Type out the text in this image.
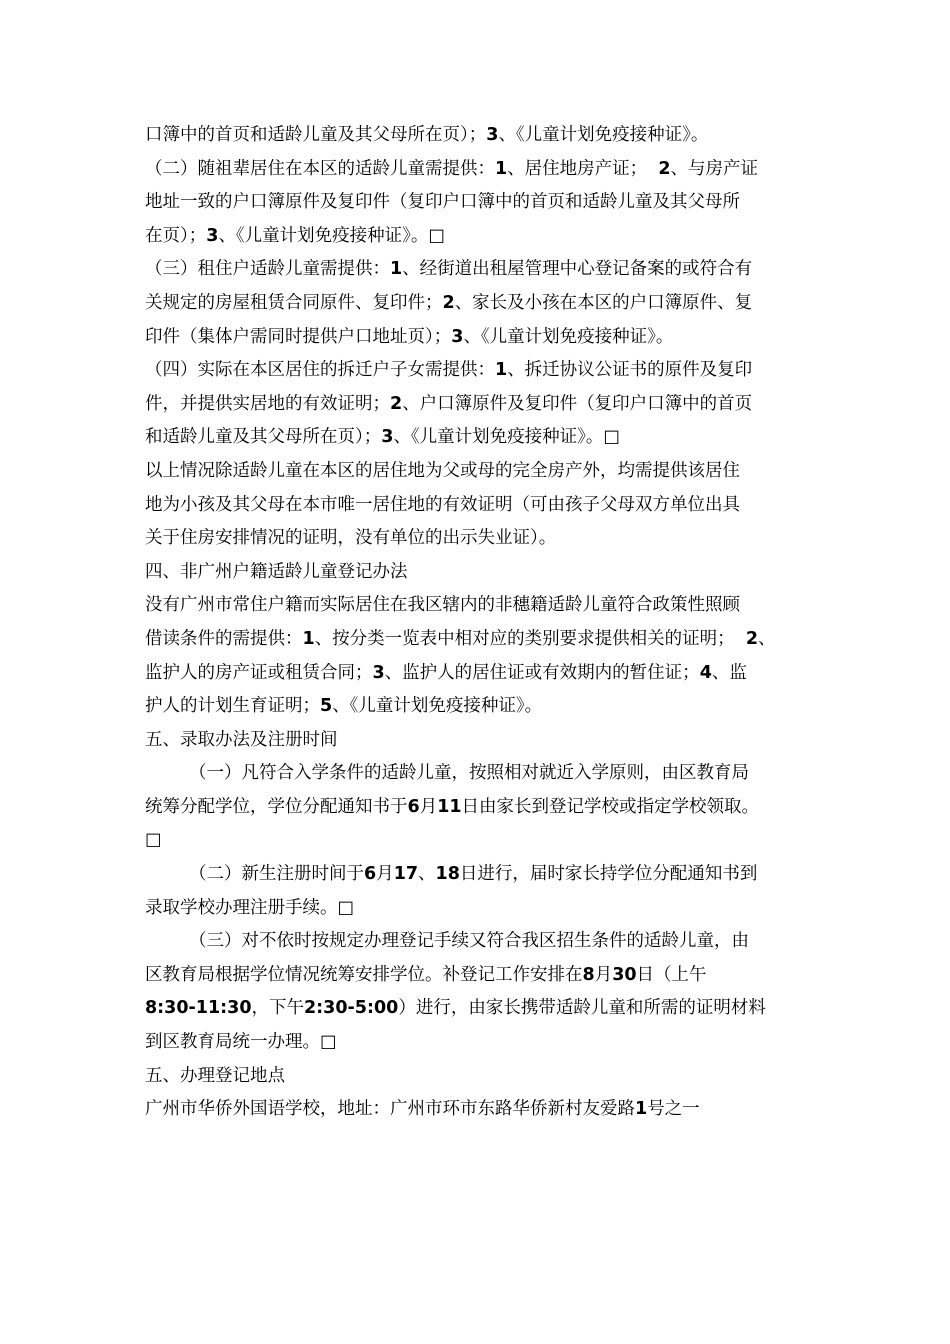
口簿中的首页和适龄儿童及其父母所在页）；3、《儿童计划免疫接种证》。
（二）随祖辈居住在本区的适龄儿童需提供：1、居住地房产证；  2、与房产证
地址一致的户口簿原件及复印件（复印户口簿中的首页和适龄儿童及其父母所
在页）；3、《儿童计划免疫接种证》。□
（三）租住户适龄儿童需提供：1、经街道出租屋管理中心登记备案的或符合有
关规定的房屋租赁合同原件、复印件；2、家长及小孩在本区的户口簿原件、复
印件（集体户需同时提供户口地址页）；3、《儿童计划免疫接种证》。
（四）实际在本区居住的拆迁户子女需提供：1、拆迁协议公证书的原件及复印
件，并提供实居地的有效证明；2、户口簿原件及复印件（复印户口簿中的首页
和适龄儿童及其父母所在页）；3、《儿童计划免疫接种证》。□
以上情况除适龄儿童在本区的居住地为父或母的完全房产外，均需提供该居住
地为小孩及其父母在本市唯一居住地的有效证明（可由孩子父母双方单位出具
关于住房安排情况的证明，没有单位的出示失业证）。
四、非广州户籍适龄儿童登记办法
没有广州市常住户籍而实际居住在我区辖内的非穗籍适龄儿童符合政策性照顾
借读条件的需提供：1、按分类一览表中相对应的类别要求提供相关的证明；  2、
监护人的房产证或租赁合同；3、监护人的居住证或有效期内的暂住证；4、监
护人的计划生育证明；5、《儿童计划免疫接种证》。
五、录取办法及注册时间
（一）凡符合入学条件的适龄儿童，按照相对就近入学原则，由区教育局
统筹分配学位，学位分配通知书于6月11日由家长到登记学校或指定学校领取。
□
（二）新生注册时间于6月17、18日进行，届时家长持学位分配通知书到
录取学校办理注册手续。□
（三）对不依时按规定办理登记手续又符合我区招生条件的适龄儿童，由
区教育局根据学位情况统筹安排学位。补登记工作安排在8月30日（上午
8:30-11:30，下午2:30-5:00）进行，由家长携带适龄儿童和所需的证明材料
到区教育局统一办理。□
五、办理登记地点
广州市华侨外国语学校，地址：广州市环市东路华侨新村友爱路1号之一
